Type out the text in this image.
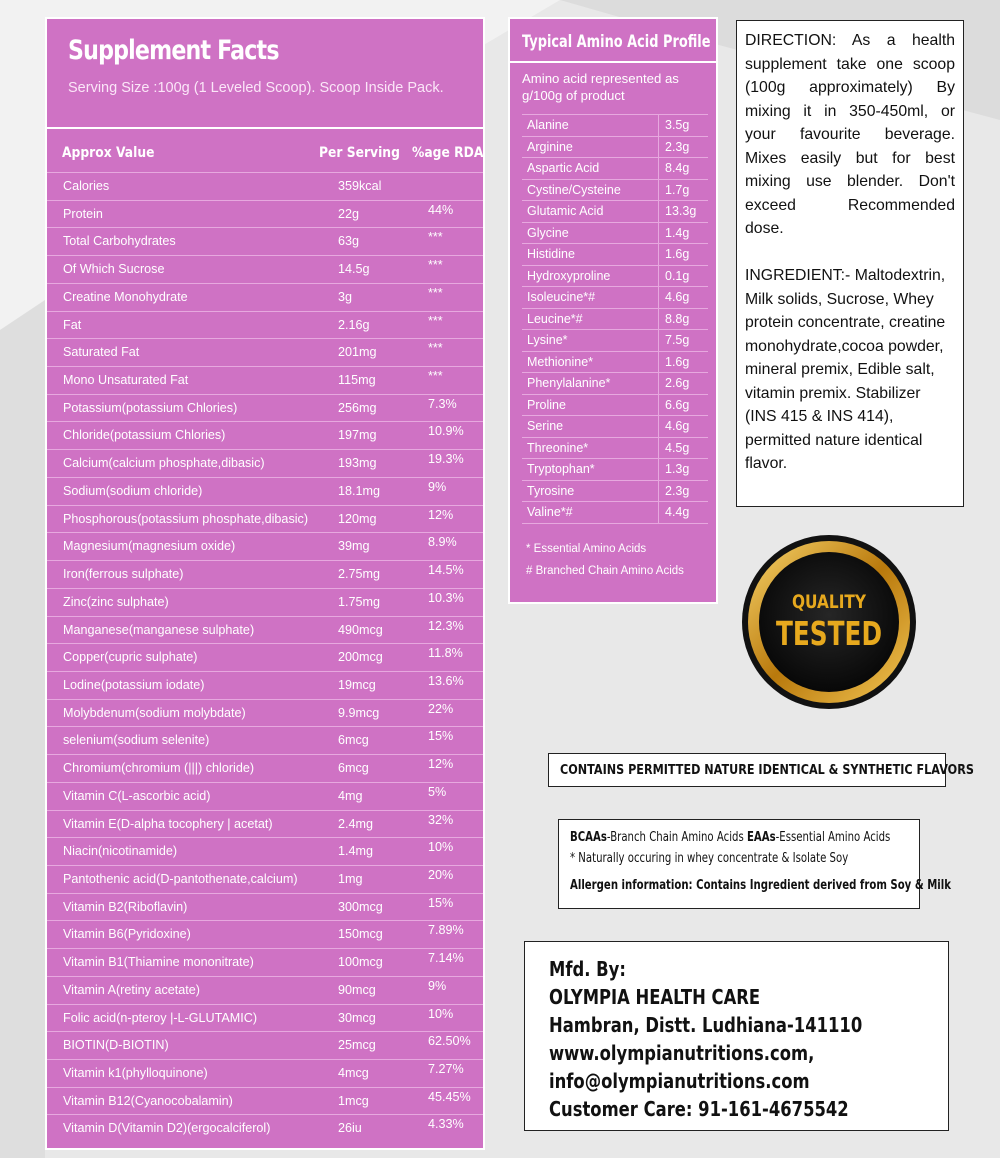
Supplement Facts
Serving Size :100g (1 Leveled Scoop). Scoop Inside Pack.
Approx Value	Per Serving %age RDA
Calories	359kcal
Protein	22g	44%
Total Carbohydrates	63g	***
Of Which Sucrose	14.5g	***
Creatine Monohydrate	3g	***
Fat	2.16g	***
Saturated Fat	201mg	***
Mono Unsaturated Fat	115mg	***
Potassium(potassium Chlories)	256mg	7.3%
Chloride(potassium Chlories)	197mg	10.9%
Calcium(calcium phosphate,dibasic)	193mg	19.3%
Sodium(sodium chloride)	18.1mg	9%
Phosphorous(potassium phosphate,dibasic) 120mg	12%
Magnesium(magnesium oxide)	39mg	8.9%
Iron(ferrous sulphate)	2.75mg	14.5%
Zinc(zinc sulphate)	1.75mg	10.3%
Manganese(manganese sulphate)	490mcg	12.3%
Copper(cupric sulphate)	200mcg	11.8%
Lodine(potassium iodate)	19mcg	13.6%
Molybdenum(sodium molybdate)	9.9mcg	22%
selenium(sodium selenite)	6mcg	15%
Chromium(chromium (|||) chloride)	6mcg	12%
Vitamin C(L-ascorbic acid)	4mg	5%
Vitamin E(D-alpha tocophery | acetat)	2.4mg	32%
Niacin(nicotinamide)	1.4mg	10%
Pantothenic acid(D-pantothenate,calcium)	1mg	20%
Vitamin B2(Riboflavin)	300mcg	15%
Vitamin B6(Pyridoxine)	150mcg	7.89%
Vitamin B1(Thiamine mononitrate)	100mcg	7.14%
Vitamin A(retiny acetate)	90mcg	9%
Folic acid(n-pteroy |-L-GLUTAMIC)	30mcg	10%
BIOTIN(D-BIOTIN)	25mcg	62.50%
Vitamin k1(phylloquinone)	4mcg	7.27%
Vitamin B12(Cyanocobalamin)	1mcg	45.45%
Vitamin D(Vitamin D2)(ergocalciferol)	26iu	4.33%
Typical Amino Acid Profile
Amino acid represented as g/100g of product
Alanine	3.5g
Arginine	2.3g
Aspartic Acid	8.4g
Cystine/Cysteine	1.7g
Glutamic Acid	13.3g
Glycine	1.4g
Histidine	1.6g
Hydroxyproline	0.1g
Isoleucine*#	4.6g
Leucine*#	8.8g
Lysine*	7.5g
Methionine*	1.6g
Phenylalanine*	2.6g
Proline	6.6g
Serine	4.6g
Threonine*	4.5g
Tryptophan*	1.3g
Tyrosine	2.3g
Valine*#	4.4g
* Essential Amino Acids
# Branched Chain Amino Acids

DIRECTION: As a health

supplement take one scoop

(100g approximately) By

mixing it in 350-450ml, or

your favourite beverage.

Mixes easily but for best

mixing use blender. Don't

exceed Recommended

dose.

INGREDIENT:- Maltodextrin, Milk solids, Sucrose, Whey protein concentrate, creatine monohydrate,cocoa powder, mineral premix, Edible salt, vitamin premix. Stabilizer (INS 415 & INS 414), permitted nature identical flavor.

QUALITY
TESTED
CONTAINS PERMITTED NATURE IDENTICAL & SYNTHETIC FLAVORS
BCAAs-Branch Chain Amino Acids EAAs-Essential Amino Acids
* Naturally occuring in whey concentrate & Isolate Soy
Allergen information: Contains Ingredient derived from Soy & Milk
Mfd. By:
OLYMPIA HEALTH CARE
Hambran, Distt. Ludhiana-141110
www.olympianutritions.com,
info@olympianutritions.com
Customer Care: 91-161-4675542
